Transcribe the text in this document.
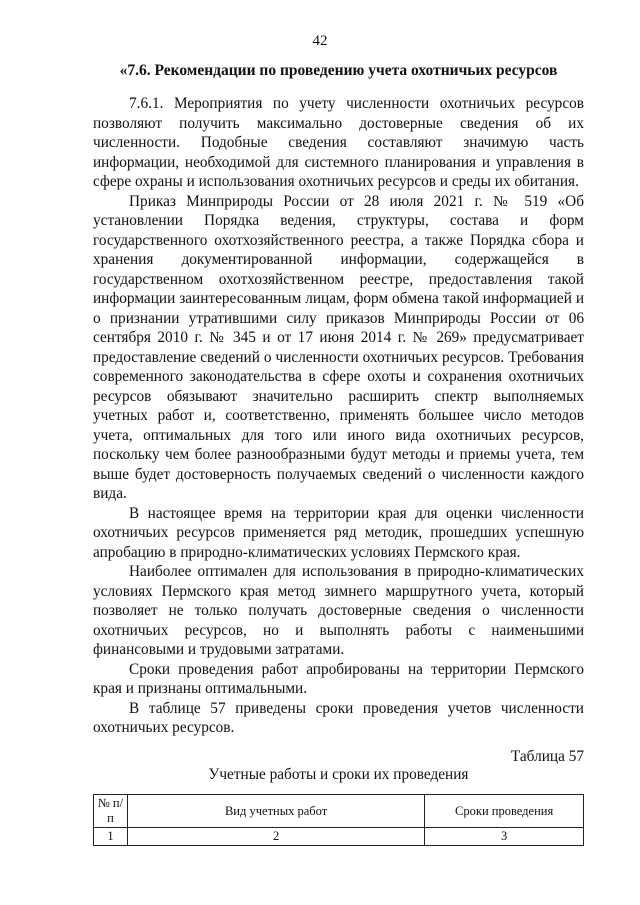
42
«7.6. Рекомендации по проведению учета охотничьих ресурсов

7.6.1. Мероприятия по учету численности охотничьих ресурсов позволяют получить максимально достоверные сведения об их численности. Подобные сведения составляют значимую часть информации, необходимой для системного планирования и управления в сфере охраны и использования охотничьих ресурсов и среды их обитания.

Приказ Минприроды России от 28 июля 2021 г. № 519 «Об установлении Порядка ведения, структуры, состава и форм государственного охотхозяйственного реестра, а также Порядка сбора и хранения документированной информации, содержащейся в государственном охотхозяйственном реестре, предоставления такой информации заинтересованным лицам, форм обмена такой информацией и о признании утратившими силу приказов Минприроды России от 06 сентября 2010 г. № 345 и от 17 июня 2014 г. № 269» предусматривает предоставление сведений о численности охотничьих ресурсов. Требования современного законодательства в сфере охоты и сохранения охотничьих ресурсов обязывают значительно расширить спектр выполняемых учетных работ и, соответственно, применять большее число методов учета, оптимальных для того или иного вида охотничьих ресурсов, поскольку чем более разнообразными будут методы и приемы учета, тем выше будет достоверность получаемых сведений о численности каждого вида.

В настоящее время на территории края для оценки численности охотничьих ресурсов применяется ряд методик, прошедших успешную апробацию в природно-климатических условиях Пермского края.

Наиболее оптимален для использования в природно-климатических условиях Пермского края метод зимнего маршрутного учета, который позволяет не только получать достоверные сведения о численности охотничьих ресурсов, но и выполнять работы с наименьшими финансовыми и трудовыми затратами.

Сроки проведения работ апробированы на территории Пермского края и признаны оптимальными.

В таблице 57 приведены сроки проведения учетов численности охотничьих ресурсов.

Таблица 57
Учетные работы и сроки их проведения
№ п/п	Вид учетных работ	Сроки проведения
1	2	3
